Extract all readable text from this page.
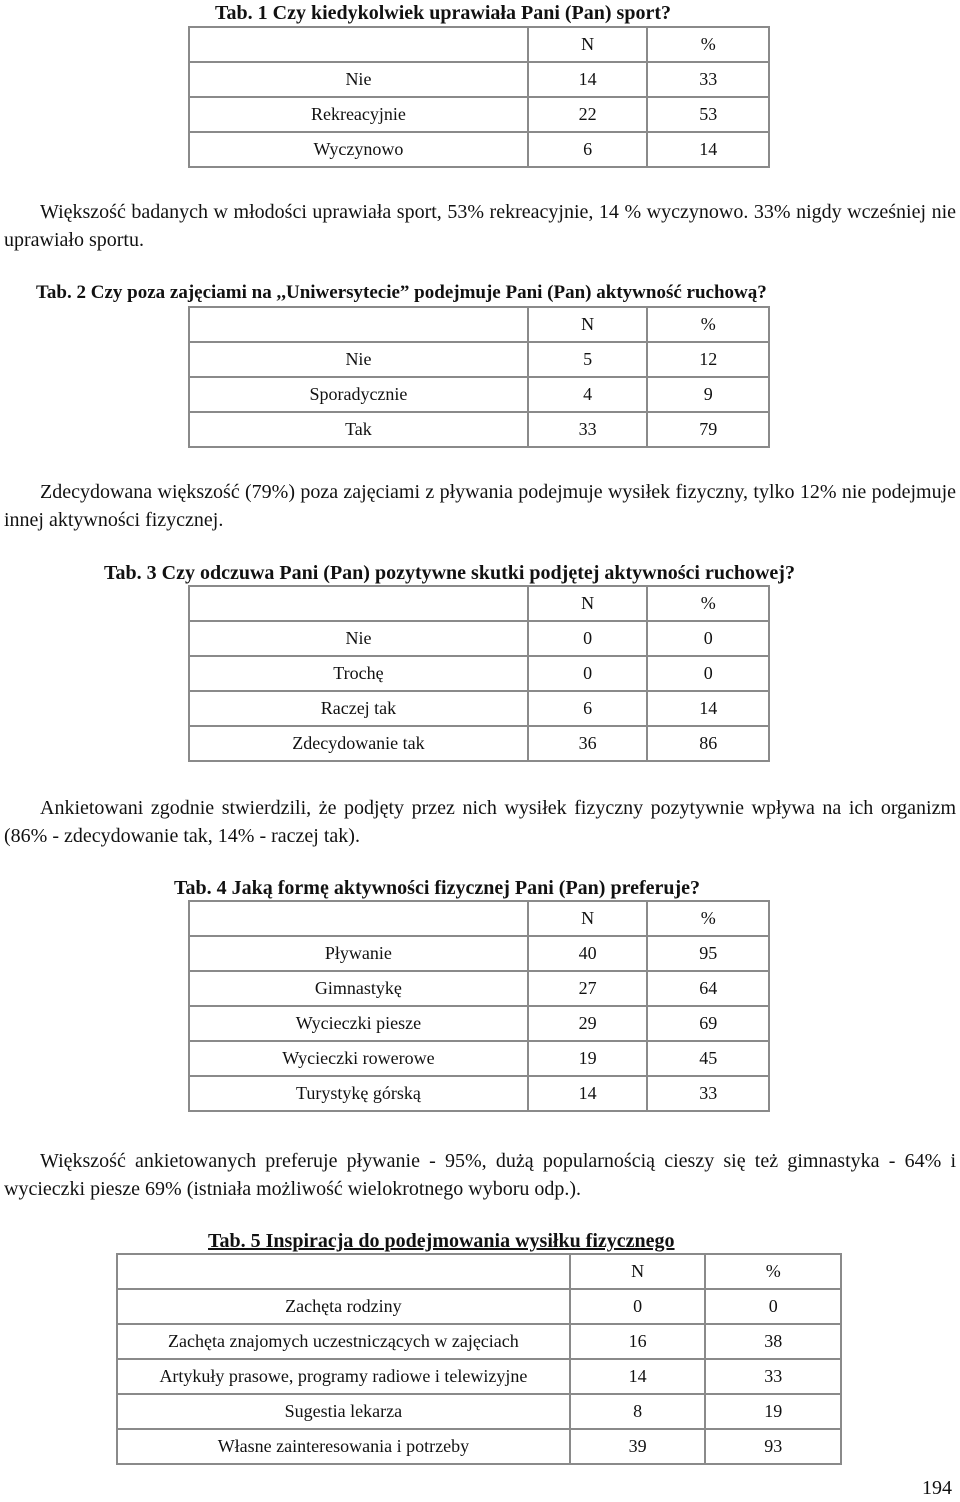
Tab. 1 Czy kiedykolwiek uprawiała Pani (Pan) sport?
	N	%
Nie	14	33
Rekreacyjnie	22	53
Wyczynowo	6	14

Większość badanych w młodości uprawiała sport, 53% rekreacyjnie, 14 % wyczynowo. 33% nigdy wcześniej nie uprawiało sportu.

Tab. 2 Czy poza zajęciami na ,,Uniwersytecie” podejmuje Pani (Pan) aktywność ruchową?
	N	%
Nie	5	12
Sporadycznie	4	9
Tak	33	79

Zdecydowana większość (79%) poza zajęciami z pływania podejmuje wysiłek fizyczny, tylko 12% nie podejmuje innej aktywności fizycznej.

Tab. 3 Czy odczuwa Pani (Pan) pozytywne skutki podjętej aktywności ruchowej?
	N	%
Nie	0	0
Trochę	0	0
Raczej tak	6	14
Zdecydowanie tak	36	86

Ankietowani zgodnie stwierdzili, że podjęty przez nich wysiłek fizyczny pozytywnie wpływa na ich organizm (86% - zdecydowanie tak, 14% - raczej tak).

Tab. 4 Jaką formę aktywności fizycznej Pani (Pan) preferuje?
	N	%
Pływanie	40	95
Gimnastykę	27	64
Wycieczki piesze	29	69
Wycieczki rowerowe	19	45
Turystykę górską	14	33

Większość ankietowanych preferuje pływanie - 95%, dużą popularnością cieszy się też gimnastyka - 64% i wycieczki piesze 69% (istniała możliwość wielokrotnego wyboru odp.).

Tab. 5 Inspiracja do podejmowania wysiłku fizycznego
	N	%
Zachęta rodziny	0	0
Zachęta znajomych uczestniczących w zajęciach	16	38
Artykuły prasowe, programy radiowe i telewizyjne	14	33
Sugestia lekarza	8	19
Własne zainteresowania i potrzeby	39	93
194
